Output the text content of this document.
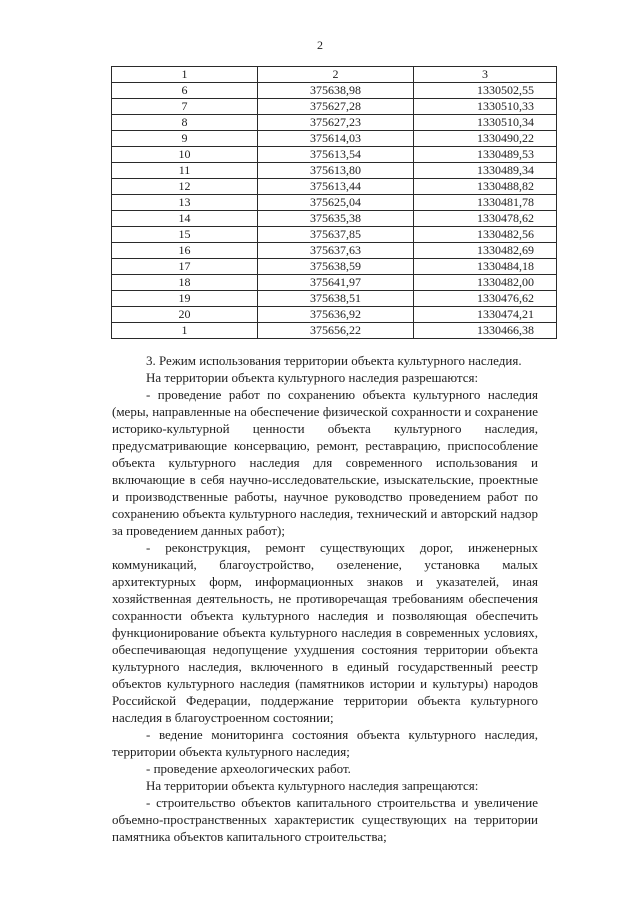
2
1	2	3
6	375638,98	1330502,55
7	375627,28	1330510,33
8	375627,23	1330510,34
9	375614,03	1330490,22
10	375613,54	1330489,53
11	375613,80	1330489,34
12	375613,44	1330488,82
13	375625,04	1330481,78
14	375635,38	1330478,62
15	375637,85	1330482,56
16	375637,63	1330482,69
17	375638,59	1330484,18
18	375641,97	1330482,00
19	375638,51	1330476,62
20	375636,92	1330474,21
1	375656,22	1330466,38

3. Режим использования территории объекта культурного наследия.

На территории объекта культурного наследия разрешаются:

- проведение работ по сохранению объекта культурного наследия (меры, направленные на обеспечение физической сохранности и сохранение историко-культурной ценности объекта культурного наследия, предусматривающие консервацию, ремонт, реставрацию, приспособление объекта культурного наследия для современного использования и включающие в себя научно-исследовательские, изыскательские, проектные и производственные работы, научное руководство проведением работ по сохранению объекта культурного наследия, технический и авторский надзор за проведением данных работ);

- реконструкция, ремонт существующих дорог, инженерных коммуникаций, благоустройство, озеленение, установка малых архитектурных форм, информационных знаков и указателей, иная хозяйственная деятельность, не противоречащая требованиям обеспечения сохранности объекта культурного наследия и позволяющая обеспечить функционирование объекта культурного наследия в современных условиях, обеспечивающая недопущение ухудшения состояния территории объекта культурного наследия, включенного в единый государственный реестр объектов культурного наследия (памятников истории и культуры) народов Российской Федерации, поддержание территории объекта культурного наследия в благоустроенном состоянии;

- ведение мониторинга состояния объекта культурного наследия, территории объекта культурного наследия;

- проведение археологических работ.

На территории объекта культурного наследия запрещаются:

- строительство объектов капитального строительства и увеличение объемно-пространственных характеристик существующих на территории памятника объектов капитального строительства;
